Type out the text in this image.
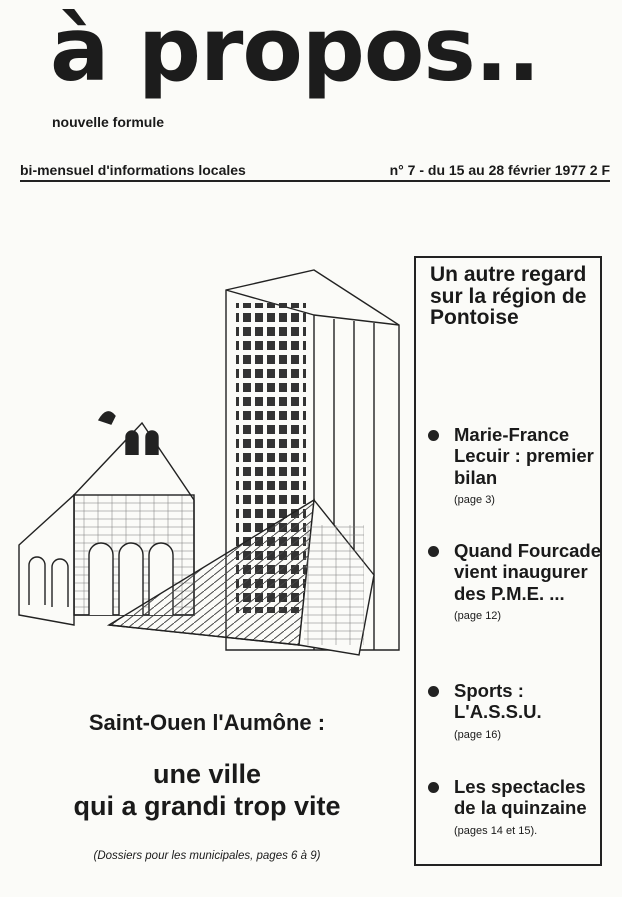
à propos..
nouvelle formule
bi-mensuel d'informations locales	n° 7 - du 15 au 28 février 1977 2 F
Un autre regard sur la région de Pontoise
Marie-France Lecuir : premier bilan
(page 3)
Quand Fourcade vient inaugurer des P.M.E. ...
(page 12)
Sports : L'A.S.S.U.
(page 16)
Les spectacles de la quinzaine
(pages 14 et 15).
Saint-Ouen l'Aumône :
une ville
qui a grandi trop vite
(Dossiers pour les municipales, pages 6 à 9)
